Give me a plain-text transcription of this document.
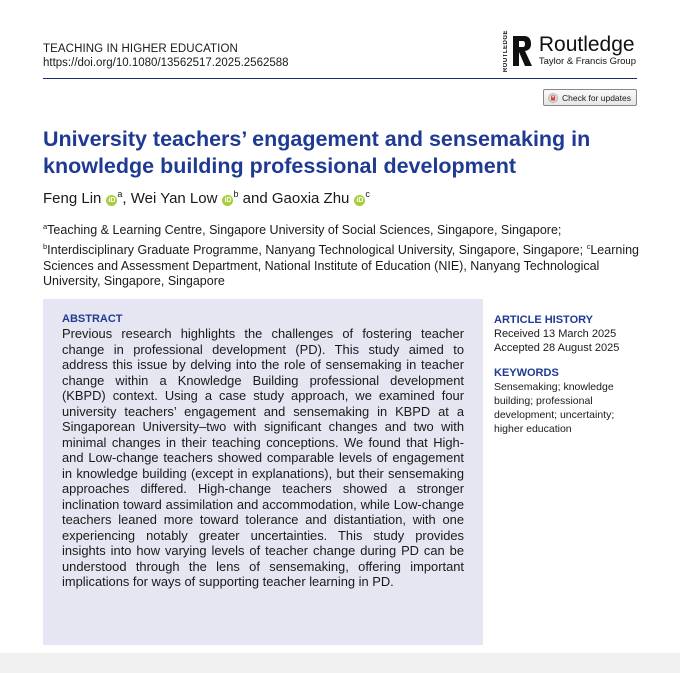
TEACHING IN HIGHER EDUCATION
https://doi.org/10.1080/13562517.2025.2562588	ROUTLEDGE Routledge
Taylor & Francis Group
Check for updates
University teachers’ engagement and sensemaking in knowledge building professional development
Feng Lin $iD^a$, Wei Yan Low $iD^b$ and Gaoxia Zhu $iD^c$
$^a$Teaching & Learning Centre, Singapore University of Social Sciences, Singapore, Singapore;
$^b$Interdisciplinary Graduate Programme, Nanyang Technological University, Singapore, Singapore; $^c$Learning Sciences and Assessment Department, National Institute of Education (NIE), Nanyang Technological University, Singapore, Singapore
ABSTRACT
Previous research highlights the challenges of fostering teacher change in professional development (PD). This study aimed to address this issue by delving into the role of sensemaking in teacher change within a Knowledge Building professional development (KBPD) context. Using a case study approach, we examined four university teachers’ engagement and sensemaking in KBPD at a Singaporean University–two with significant changes and two with minimal changes in their teaching conceptions. We found that High- and Low-change teachers showed comparable levels of engagement in knowledge building (except in explanations), but their sensemaking approaches differed. High-change teachers showed a stronger inclination toward assimilation and accommodation, while Low-change teachers leaned more toward tolerance and distantiation, with one experiencing notably greater uncertainties. This study provides insights into how varying levels of teacher change during PD can be understood through the lens of sensemaking, offering important implications for ways of supporting teacher learning in PD.
ARTICLE HISTORY
Received 13 March 2025
Accepted 28 August 2025
KEYWORDS
Sensemaking; knowledge building; professional development; uncertainty; higher education
